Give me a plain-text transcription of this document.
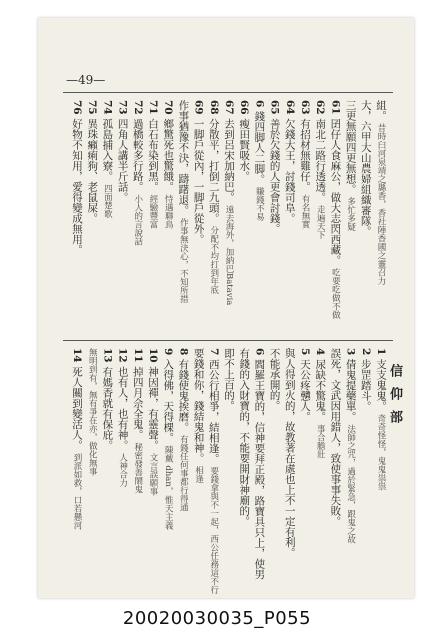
—49—
信仰部
76 好物不知用，愛得變成無用。
75 異珠癩痢狗、老鼠屎。
74 孤島捕入寮。 四面楚歌
73 四角人講半斤話。
72 過橋較多行路。 小人的言說話
71 白石布染到黑。 經驗豐富
70 鄉驚死也驚餓。 恃遇聯鳥 作事猶豫不決，躊躇退。 作事無決心，不知所措
69 一脚戶從內，一脚戶從外。
68 分散平，打倒二九頭。 分配不均打到年底
67 去到呂宋加納巴。 遠去海外，加納巴Batavia
66 瘦田賢吸水。
6 錢四脚人二脚。 賺錢不易
65 善於欠錢的人更會討錢。
64 欠錢大王，討錢司阜。
63 有招材無雞仔。 有名無實
62 南北二路行透透。 走遍天下
61 囝仔人食麻公，做大志閃西藏。 吃要吃做不做
三更無願四更無想。 多忙多疑 大，六甲大山農婦組織審隊。 組。 昔時臼河泉靖之縣香，香社陣香國之靈召力
14 死人關到變活人。 到派如救，口若懸河
無明到有，無有爭在亦，做化無事 13 有媽香就有保庇。
12 也有人，也有神。 人神合力
11 掉四月佘全鬼。 秘密發善鬧鬼
10 神因禪，有靈聲。 文言誤願事
9 入得佛，天得棵。 陳戴 dhan，惟天主義
8 有錢使鬼挨磨。 有錢任何事都行得通
要錢和你，錢結鬼和神。 相逢
7 西公行相爭，結相逢。 要錢拿與不一起，西公任務這不行
即不上百的。 有錢的入財寶的，不能要開財神廟的。 6 閻羅王寶的，信神要拜正殿，路寶具只上，使男 不能承開的。 與人得到火的，故教著在處也上不一定有利。 5 天公疼戇人。
4 尿缺不驚鬼。 事合膽壯 誤死，文武因用錯人，致使事事失敗。 3 倩鬼提藥單。 法師之咒，過於緊急，跟鬼之故
2 步罡踏斗。
1 支支鬼鬼。 奇奇怪怪，鬼鬼祟祟
20020030035_P055
